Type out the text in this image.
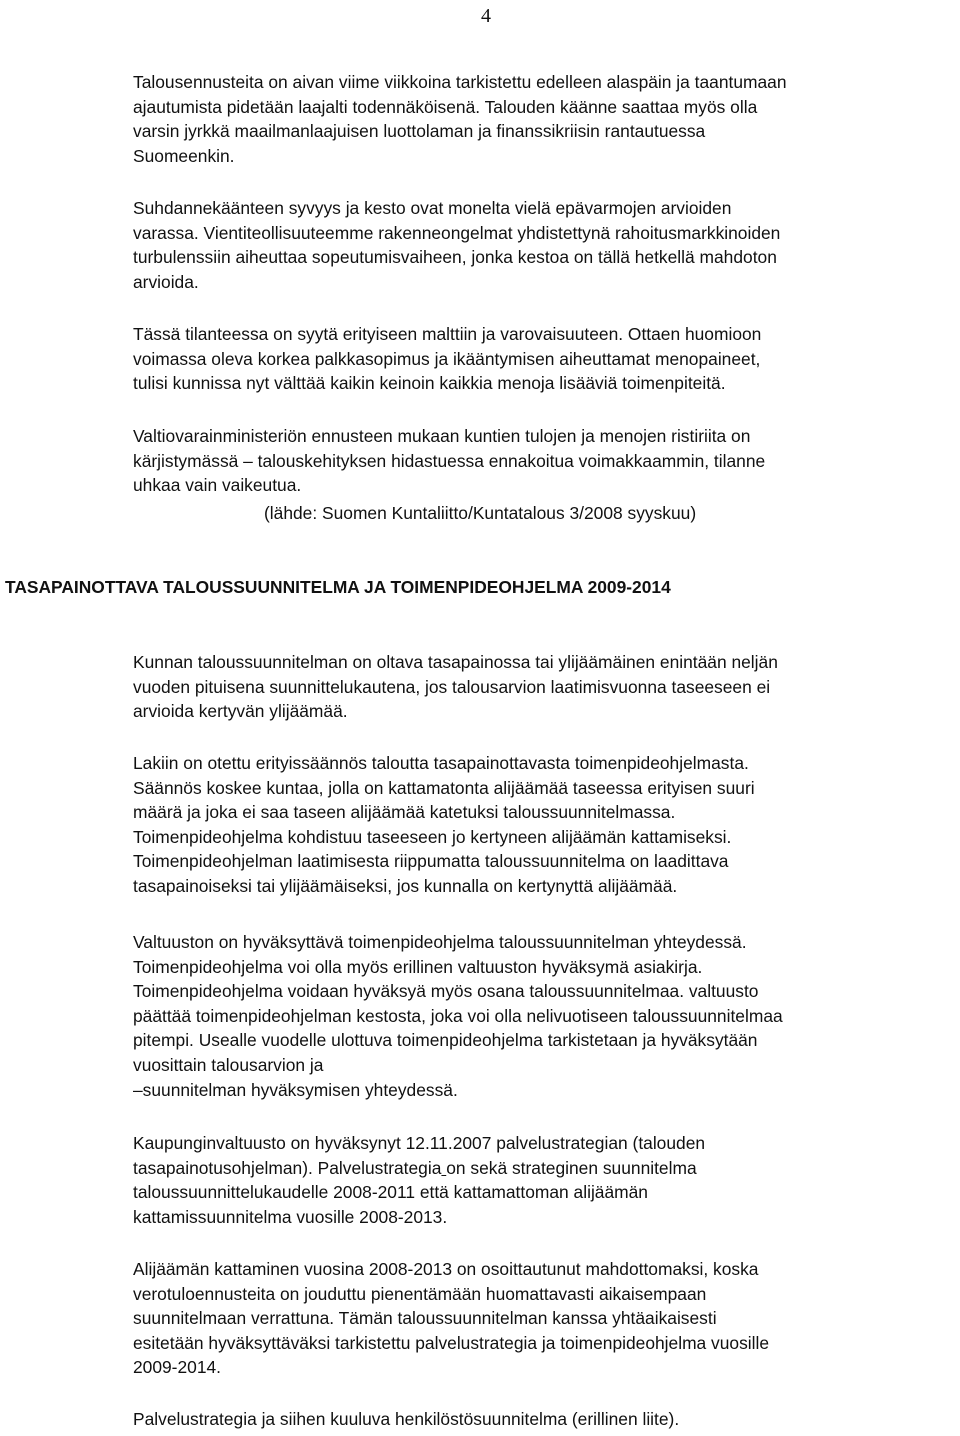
4

Talousennusteita on aivan viime viikkoina tarkistettu edelleen alaspäin ja taantumaan
ajautumista pidetään laajalti todennäköisenä. Talouden käänne saattaa myös olla
varsin jyrkkä maailmanlaajuisen luottolaman ja finanssikriisin rantautuessa
Suomeenkin.

Suhdannekäänteen syvyys ja kesto ovat monelta vielä epävarmojen arvioiden
varassa. Vientiteollisuuteemme rakenneongelmat yhdistettynä rahoitusmarkkinoiden
turbulenssiin aiheuttaa sopeutumisvaiheen, jonka kestoa on tällä hetkellä mahdoton
arvioida.

Tässä tilanteessa on syytä erityiseen malttiin ja varovaisuuteen. Ottaen huomioon
voimassa oleva korkea palkkasopimus ja ikääntymisen aiheuttamat menopaineet,
tulisi kunnissa nyt välttää kaikin keinoin kaikkia menoja lisääviä toimenpiteitä.

Valtiovarainministeriön ennusteen mukaan kuntien tulojen ja menojen ristiriita on
kärjistymässä – talouskehityksen hidastuessa ennakoitua voimakkaammin, tilanne
uhkaa vain vaikeutua.

(lähde: Suomen Kuntaliitto/Kuntatalous 3/2008 syyskuu)
TASAPAINOTTAVA TALOUSSUUNNITELMA JA TOIMENPIDEOHJELMA 2009-2014

Kunnan taloussuunnitelman on oltava tasapainossa tai ylijäämäinen enintään neljän
vuoden pituisena suunnittelukautena, jos talousarvion laatimisvuonna taseeseen ei
arvioida kertyvän ylijäämää.

Lakiin on otettu erityissäännös taloutta tasapainottavasta toimenpideohjelmasta.
Säännös koskee kuntaa, jolla on kattamatonta alijäämää taseessa erityisen suuri
määrä ja joka ei saa taseen alijäämää katetuksi taloussuunnitelmassa.
Toimenpideohjelma kohdistuu taseeseen jo kertyneen alijäämän kattamiseksi.
Toimenpideohjelman laatimisesta riippumatta taloussuunnitelma on laadittava
tasapainoiseksi tai ylijäämäiseksi, jos kunnalla on kertynyttä alijäämää.

Valtuuston on hyväksyttävä toimenpideohjelma taloussuunnitelman yhteydessä.
Toimenpideohjelma voi olla myös erillinen valtuuston hyväksymä asiakirja.
Toimenpideohjelma voidaan hyväksyä myös osana taloussuunnitelmaa. valtuusto
päättää toimenpideohjelman kestosta, joka voi olla nelivuotiseen taloussuunnitelmaa
pitempi. Usealle vuodelle ulottuva toimenpideohjelma tarkistetaan ja hyväksytään
vuosittain talousarvion ja
–suunnitelman hyväksymisen yhteydessä.

Kaupunginvaltuusto on hyväksynyt 12.11.2007 palvelustrategian (talouden
tasapainotusohjelman). Palvelustrategia on sekä strateginen suunnitelma
taloussuunnittelukaudelle 2008-2011 että kattamattoman alijäämän
kattamissuunnitelma vuosille 2008-2013.

Alijäämän kattaminen vuosina 2008-2013 on osoittautunut mahdottomaksi, koska
verotuloennusteita on jouduttu pienentämään huomattavasti aikaisempaan
suunnitelmaan verrattuna. Tämän taloussuunnitelman kanssa yhtäaikaisesti
esitetään hyväksyttäväksi tarkistettu palvelustrategia ja toimenpideohjelma vuosille
2009-2014.

Palvelustrategia ja siihen kuuluva henkilöstösuunnitelma (erillinen liite).
